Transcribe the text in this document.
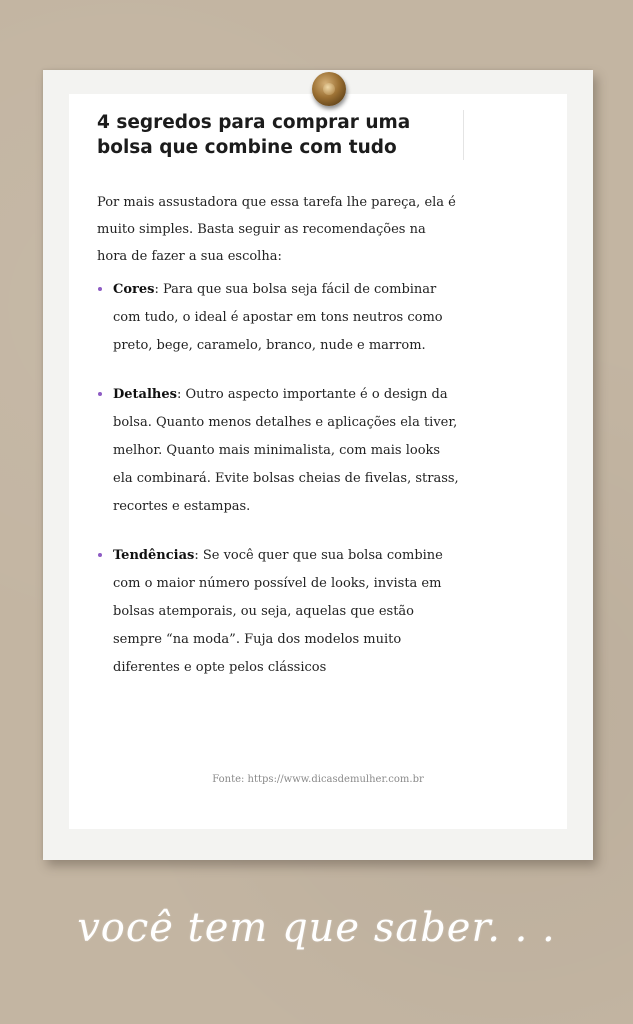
Fonte: https://www.dicasdemulher.com.br

4 segredos para comprar uma bolsa que combine com tudo

Por mais assustadora que essa tarefa lhe pareça, ela é muito simples. Basta seguir as recomendações na hora de fazer a sua escolha:

Cores: Para que sua bolsa seja fácil de combinar com tudo, o ideal é apostar em tons neutros como preto, bege, caramelo, branco, nude e marrom.
Detalhes: Outro aspecto importante é o design da bolsa. Quanto menos detalhes e aplicações ela tiver, melhor. Quanto mais minimalista, com mais looks ela combinará. Evite bolsas cheias de fivelas, strass, recortes e estampas.
Tendências: Se você quer que sua bolsa combine com o maior número possível de looks, invista em bolsas atemporais, ou seja, aquelas que estão sempre “na moda”. Fuja dos modelos muito diferentes e opte pelos clássicos
você tem que saber. . .
